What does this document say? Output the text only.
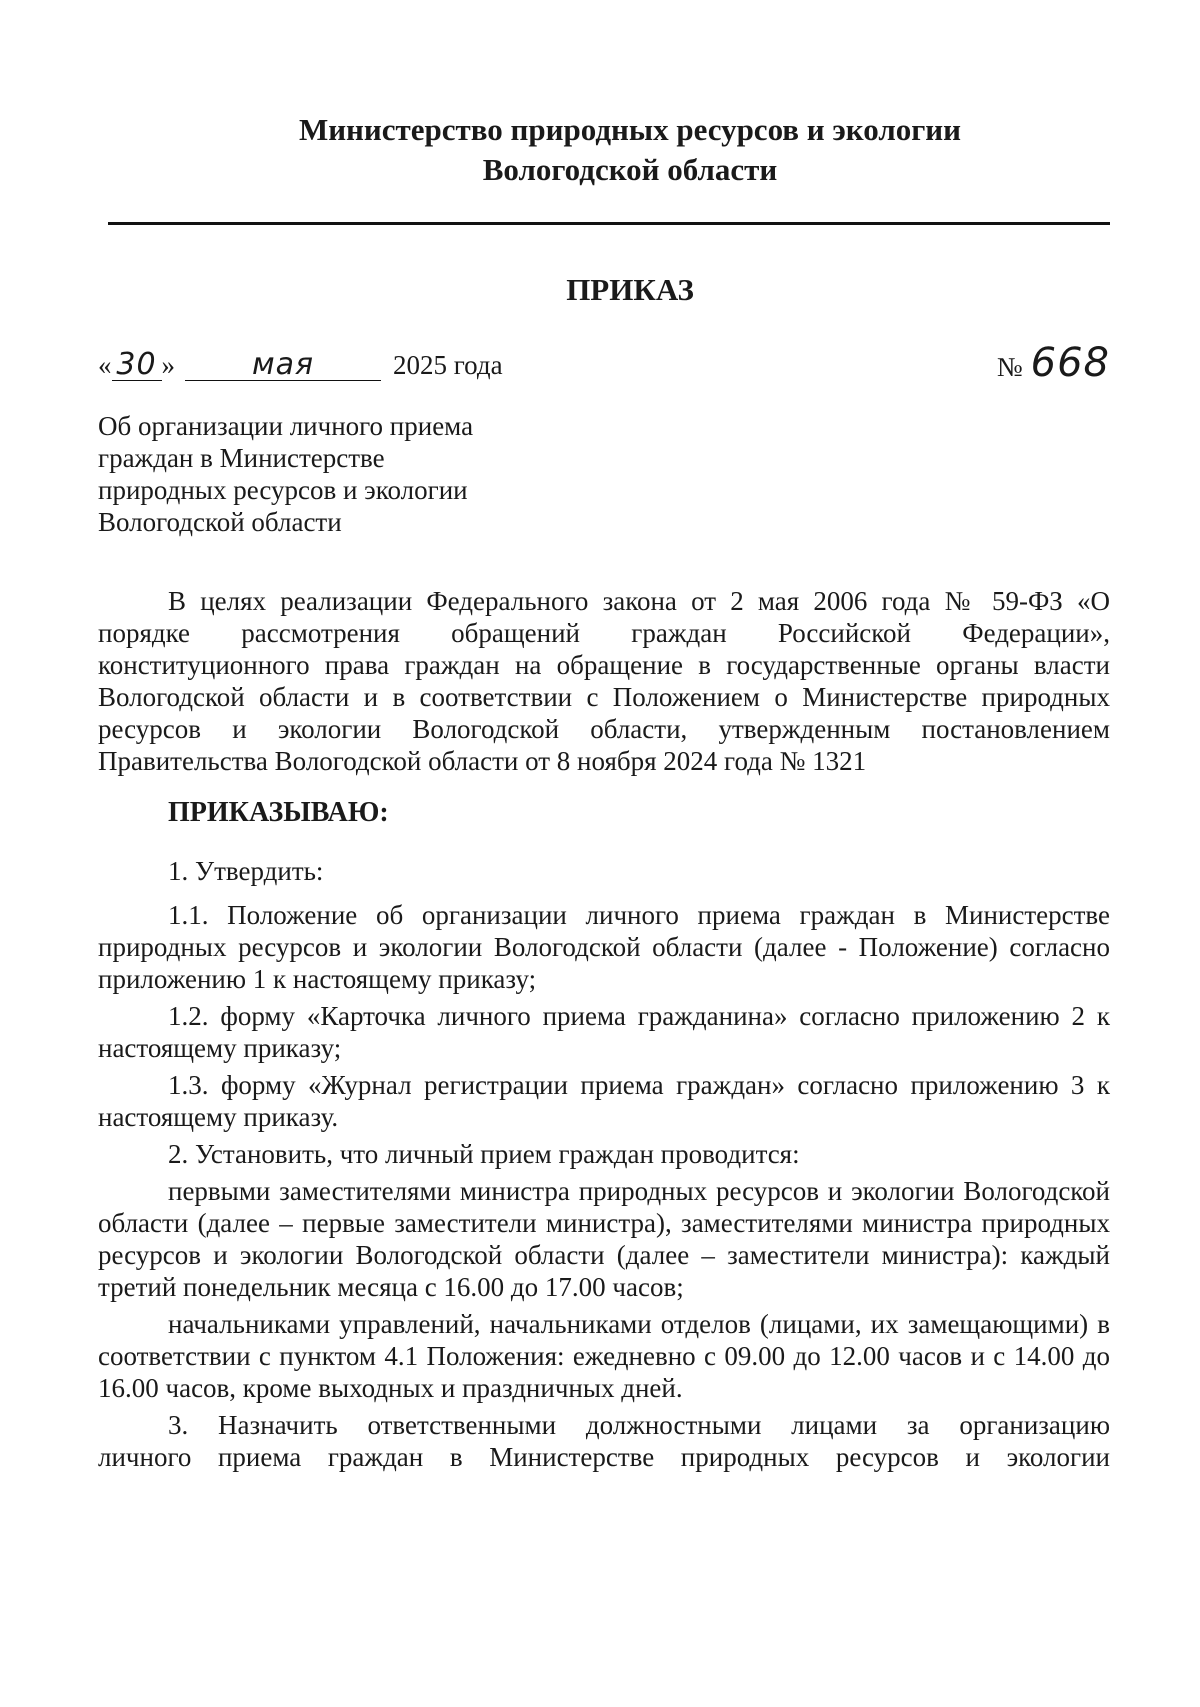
Министерство природных ресурсов и экологии
Вологодской области
ПРИКАЗ
« 30 »	мая	2025 года	№ 668
Об организации личного приема
граждан в Министерстве
природных ресурсов и экологии
Вологодской области
В целях реализации Федерального закона от 2 мая 2006 года № 59-ФЗ «О
порядке рассмотрения обращений граждан Российской Федерации»,
конституционного права граждан на обращение в государственные органы власти
Вологодской области и в соответствии с Положением о Министерстве природных
ресурсов и экологии Вологодской области, утвержденным постановлением
Правительства Вологодской области от 8 ноября 2024 года № 1321
ПРИКАЗЫВАЮ:

1. Утвердить:

1.1. Положение об организации личного приема граждан в Министерстве природных ресурсов и экологии Вологодской области (далее - Положение) согласно приложению 1 к настоящему приказу;

1.2. форму «Карточка личного приема гражданина» согласно приложению 2 к настоящему приказу;

1.3. форму «Журнал регистрации приема граждан» согласно приложению 3 к настоящему приказу.

2. Установить, что личный прием граждан проводится:

первыми заместителями министра природных ресурсов и экологии Вологодской области (далее – первые заместители министра), заместителями министра природных ресурсов и экологии Вологодской области (далее – заместители министра): каждый третий понедельник месяца с 16.00 до 17.00 часов;

начальниками управлений, начальниками отделов (лицами, их замещающими) в соответствии с пунктом 4.1 Положения: ежедневно с 09.00 до 12.00 часов и с 14.00 до 16.00 часов, кроме выходных и праздничных дней.

3. Назначить ответственными должностными лицами за организацию
личного приема граждан в Министерстве природных ресурсов и экологии
